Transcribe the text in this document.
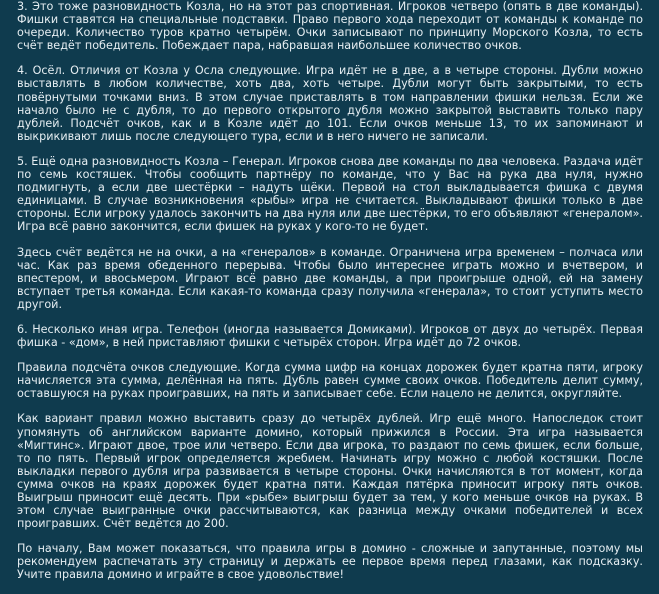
3. Это тоже разновидность Козла, но на этот раз спортивная. Игроков четверо (опять в две команды). Фишки ставятся на специальные подставки. Право первого хода переходит от команды к команде по очереди. Количество туров кратно четырём. Очки записывают по принципу Морского Козла, то есть счёт ведёт победитель. Побеждает пара, набравшая наибольшее количество очков.

4. Осёл. Отличия от Козла у Осла следующие. Игра идёт не в две, а в четыре стороны. Дубли можно выставлять в любом количестве, хоть два, хоть четыре. Дубли могут быть закрытыми, то есть повёрнутыми точками вниз. В этом случае приставлять в том направлении фишки нельзя. Если же начало было не с дубля, то до первого открытого дубля можно закрытой выставить только пару дублей. Подсчёт очков, как и в Козле идёт до 101. Если очков меньше 13, то их запоминают и выкрикивают лишь после следующего тура, если и в него ничего не записали.

5. Ещё одна разновидность Козла – Генерал. Игроков снова две команды по два человека. Раздача идёт по семь костяшек. Чтобы сообщить партнёру по команде, что у Вас на рука два нуля, нужно подмигнуть, а если две шестёрки – надуть щёки. Первой на стол выкладывается фишка с двумя единицами. В случае возникновения «рыбы» игра не считается. Выкладывают фишки только в две стороны. Если игроку удалось закончить на два нуля или две шестёрки, то его объявляют «генералом». Игра всё равно закончится, если фишек на руках у кого-то не будет.

Здесь счёт ведётся не на очки, а на «генералов» в команде. Ограничена игра временем – полчаса или час. Как раз время обеденного перерыва. Чтобы было интереснее играть можно и вчетвером, и впестером, и ввосьмером. Играют всё равно две команды, а при проигрыше одной, ей на замену вступает третья команда. Если какая-то команда сразу получила «генерала», то стоит уступить место другой.

6. Несколько иная игра. Телефон (иногда называется Домиками). Игроков от двух до четырёх. Первая фишка - «дом», в ней приставляют фишки с четырёх сторон. Игра идёт до 72 очков.

Правила подсчёта очков следующие. Когда сумма цифр на концах дорожек будет кратна пяти, игроку начисляется эта сумма, делённая на пять. Дубль равен сумме своих очков. Победитель делит сумму, оставшуюся на руках проигравших, на пять и записывает себе. Если нацело не делится, округляйте.

Как вариант правил можно выставить сразу до четырёх дублей. Игр ещё много. Напоследок стоит упомянуть об английском варианте домино, который прижился в России. Эта игра называется «Мигтинс». Играют двое, трое или четверо. Если два игрока, то раздают по семь фишек, если больше, то по пять. Первый игрок определяется жребием. Начинать игру можно с любой костяшки. После выкладки первого дубля игра развивается в четыре стороны. Очки начисляются в тот момент, когда сумма очков на краях дорожек будет кратна пяти. Каждая пятёрка приносит игроку пять очков. Выигрыш приносит ещё десять. При «рыбе» выигрыш будет за тем, у кого меньше очков на руках. В этом случае выигранные очки рассчитываются, как разница между очками победителей и всех проигравших. Счёт ведётся до 200.

По началу, Вам может показаться, что правила игры в домино - сложные и запутанные, поэтому мы рекомендуем распечатать эту страницу и держать ее первое время перед глазами, как подсказку. Учите правила домино и играйте в свое удовольствие!
